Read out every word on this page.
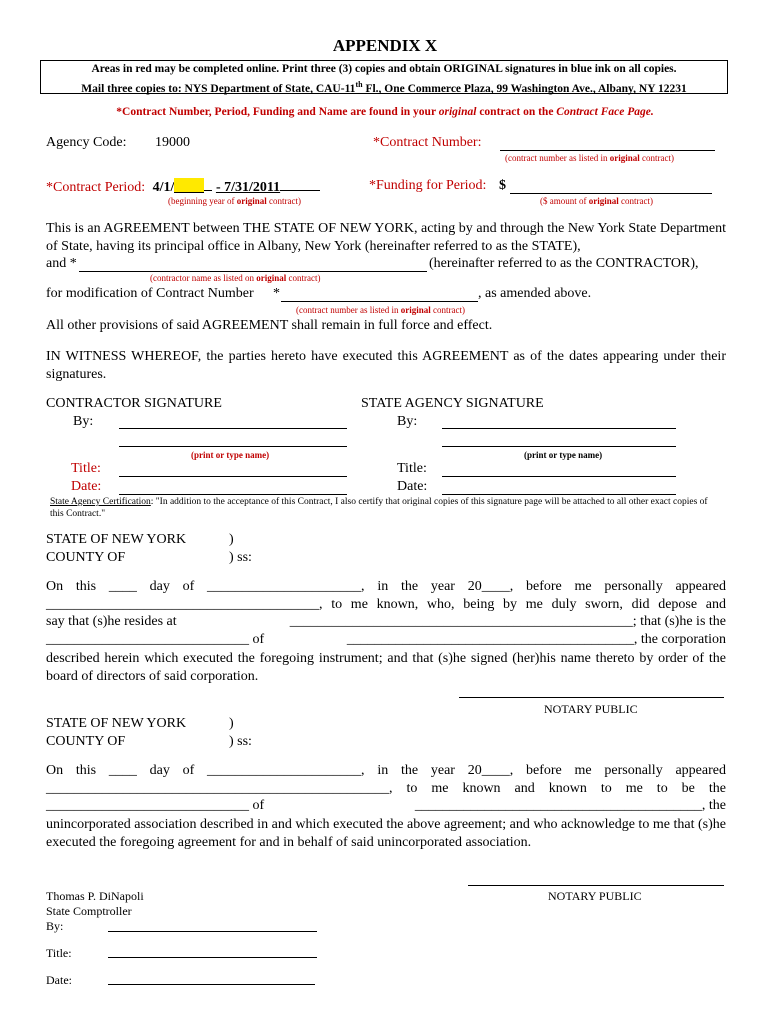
APPENDIX X
Areas in red may be completed online. Print three (3) copies and obtain ORIGINAL signatures in blue ink on all copies.
Mail three copies to: NYS Department of State, CAU-11th Fl., One Commerce Plaza, 99 Washington Ave., Albany, NY 12231
*Contract Number, Period, Funding and Name are found in your original contract on the Contract Face Page.
Agency Code: 19000	*Contract Number:
(contract number as listed in original contract)
*Contract Period: 4/1/	- 7/31/2011
(beginning year of original contract)
*Funding for Period: $
($ amount of original contract)
This is an AGREEMENT between THE STATE OF NEW YORK, acting by and through the New York State Department of State, having its principal office in Albany, New York (hereinafter referred to as the STATE),
and *	(hereinafter referred to as the CONTRACTOR),
(contractor name as listed on original contract)
for modification of Contract Number *	, as amended above.
(contract number as listed in original contract)
All other provisions of said AGREEMENT shall remain in full force and effect.
IN WITNESS WHEREOF, the parties hereto have executed this AGREEMENT as of the dates appearing under their signatures.
CONTRACTOR SIGNATURE	STATE AGENCY SIGNATURE
By:	By:
(print or type name)	(print or type name)
Title:	Title:
Date:	Date:
State Agency Certification: "In addition to the acceptance of this Contract, I also certify that original copies of this signature page will be attached to all other exact copies of this Contract."
STATE OF NEW YORK	)
COUNTY OF	) ss:
On this ____ day of ______________________, in the year 20____, before me personally appeared
_______________________________________, to me known, who, being by me duly sworn, did depose and
say that (s)he resides at	_________________________________________________; that (s)he is the
_____________________________ of	_________________________________________, the corporation
described herein which executed the foregoing instrument; and that (s)he signed (her)his name thereto by order of the board of directors of said corporation.
NOTARY PUBLIC
STATE OF NEW YORK	)
COUNTY OF	) ss:
On this ____ day of ______________________, in the year 20____, before me personally appeared
_________________________________________________, to me known and known to me to be the
_____________________________ of	_________________________________________, the
unincorporated association described in and which executed the above agreement; and who acknowledge to me that (s)he executed the foregoing agreement for and in behalf of said unincorporated association.
NOTARY PUBLIC
Thomas P. DiNapoli
State Comptroller
By:
Title:
Date:
